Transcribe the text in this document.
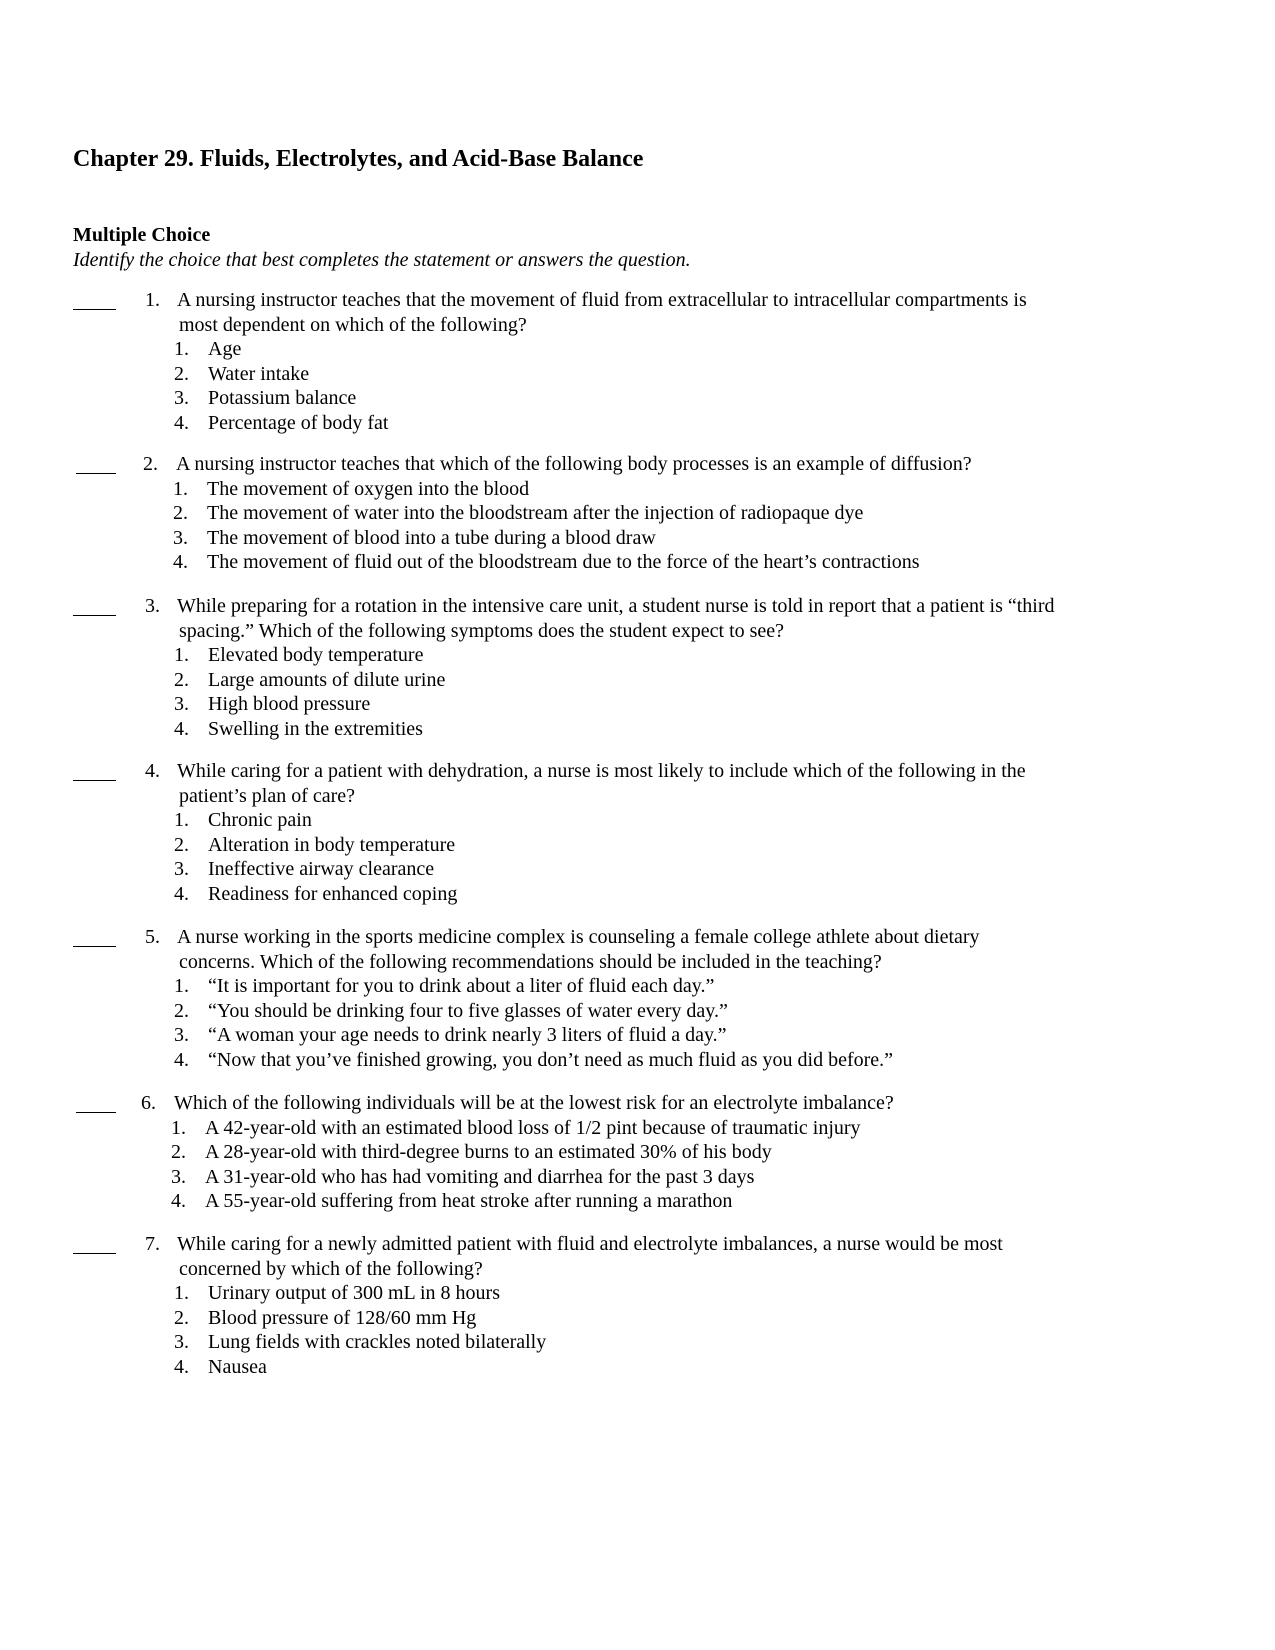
Chapter 29. Fluids, Electrolytes, and Acid-Base Balance
Multiple Choice

Identify the choice that best completes the statement or answers the question.

1. A nursing instructor teaches that the movement of fluid from extracellular to intracellular compartments is
most dependent on which of the following?
1. Age
2. Water intake
3. Potassium balance
4. Percentage of body fat
2. A nursing instructor teaches that which of the following body processes is an example of diffusion?
1. The movement of oxygen into the blood
2. The movement of water into the bloodstream after the injection of radiopaque dye
3. The movement of blood into a tube during a blood draw
4. The movement of fluid out of the bloodstream due to the force of the heart’s contractions
3. While preparing for a rotation in the intensive care unit, a student nurse is told in report that a patient is “third
spacing.” Which of the following symptoms does the student expect to see?
1. Elevated body temperature
2. Large amounts of dilute urine
3. High blood pressure
4. Swelling in the extremities
4. While caring for a patient with dehydration, a nurse is most likely to include which of the following in the
patient’s plan of care?
1. Chronic pain
2. Alteration in body temperature
3. Ineffective airway clearance
4. Readiness for enhanced coping
5. A nurse working in the sports medicine complex is counseling a female college athlete about dietary
concerns. Which of the following recommendations should be included in the teaching?
1. “It is important for you to drink about a liter of fluid each day.”
2. “You should be drinking four to five glasses of water every day.”
3. “A woman your age needs to drink nearly 3 liters of fluid a day.”
4. “Now that you’ve finished growing, you don’t need as much fluid as you did before.”
6. Which of the following individuals will be at the lowest risk for an electrolyte imbalance?
1. A 42-year-old with an estimated blood loss of 1/2 pint because of traumatic injury
2. A 28-year-old with third-degree burns to an estimated 30% of his body
3. A 31-year-old who has had vomiting and diarrhea for the past 3 days
4. A 55-year-old suffering from heat stroke after running a marathon
7. While caring for a newly admitted patient with fluid and electrolyte imbalances, a nurse would be most
concerned by which of the following?
1. Urinary output of 300 mL in 8 hours
2. Blood pressure of 128/60 mm Hg
3. Lung fields with crackles noted bilaterally
4. Nausea
